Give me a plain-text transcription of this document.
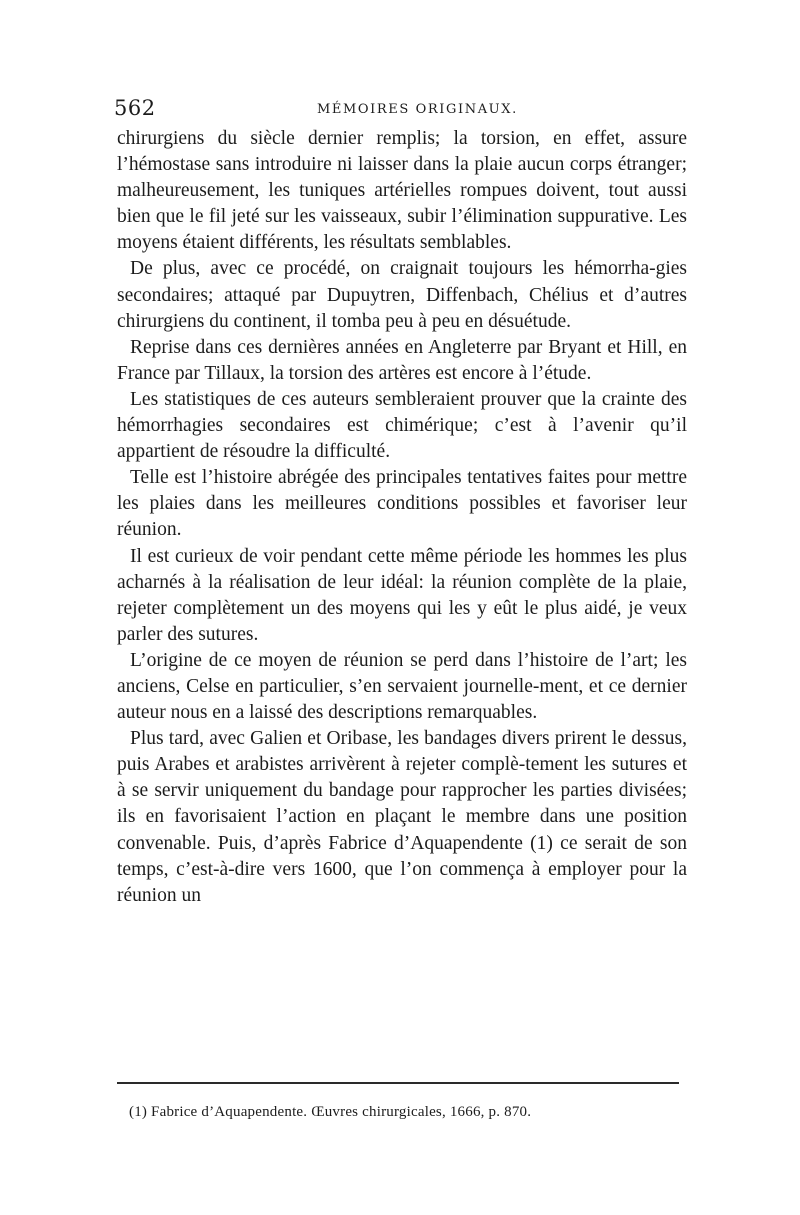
562	MÉMOIRES ORIGINAUX.

chirurgiens du siècle dernier remplis; la torsion, en effet, assure l’hémostase sans introduire ni laisser dans la plaie aucun corps étranger; malheureusement, les tuniques artérielles rompues doivent, tout aussi bien que le fil jeté sur les vaisseaux, subir l’élimination suppurative. Les moyens étaient différents, les résultats semblables.

De plus, avec ce procédé, on craignait toujours les hémorrha-gies secondaires; attaqué par Dupuytren, Diffenbach, Chélius et d’autres chirurgiens du continent, il tomba peu à peu en désuétude.

Reprise dans ces dernières années en Angleterre par Bryant et Hill, en France par Tillaux, la torsion des artères est encore à l’étude.

Les statistiques de ces auteurs sembleraient prouver que la crainte des hémorrhagies secondaires est chimérique; c’est à l’avenir qu’il appartient de résoudre la difficulté.

Telle est l’histoire abrégée des principales tentatives faites pour mettre les plaies dans les meilleures conditions possibles et favoriser leur réunion.

Il est curieux de voir pendant cette même période les hommes les plus acharnés à la réalisation de leur idéal: la réunion complète de la plaie, rejeter complètement un des moyens qui les y eût le plus aidé, je veux parler des sutures.

L’origine de ce moyen de réunion se perd dans l’histoire de l’art; les anciens, Celse en particulier, s’en servaient journelle-ment, et ce dernier auteur nous en a laissé des descriptions remarquables.

Plus tard, avec Galien et Oribase, les bandages divers prirent le dessus, puis Arabes et arabistes arrivèrent à rejeter complè-tement les sutures et à se servir uniquement du bandage pour rapprocher les parties divisées; ils en favorisaient l’action en plaçant le membre dans une position convenable. Puis, d’après Fabrice d’Aquapendente (1) ce serait de son temps, c’est-à-dire vers 1600, que l’on commença à employer pour la réunion un

(1) Fabrice d’Aquapendente. Œuvres chirurgicales, 1666, p. 870.
